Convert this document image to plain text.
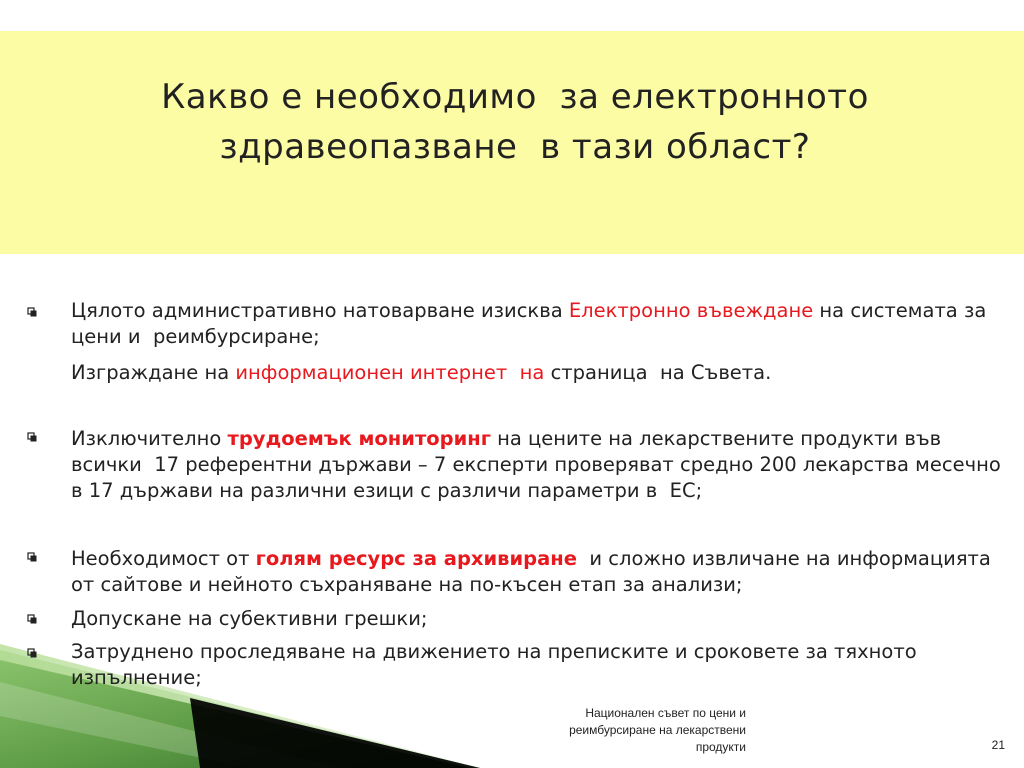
Какво е необходимо  за електронното здравеопазване  в тази област?
Цялото административно натоварване изисква Електронно въвеждане на системата за цени и  реимбурсиране;
Изграждане на информационен интернет  на страница  на Съвета.
Изключително трудоемък мониторинг на цените на лекарствените продукти във всички  17 референтни държави – 7 експерти проверяват средно 200 лекарства месечно  в 17 държави на различни езици с различи параметри в  ЕС;
Необходимост от голям ресурс за архивиране  и сложно извличане на информацията от сайтове и нейното съхраняване на по-късен етап за анализи;
Допускане на субективни грешки;
Затруднено проследяване на движението на преписките и сроковете за тяхното изпълнение;
Национален съвет по цени и
реимбурсиране на лекарствени
продукти	21
